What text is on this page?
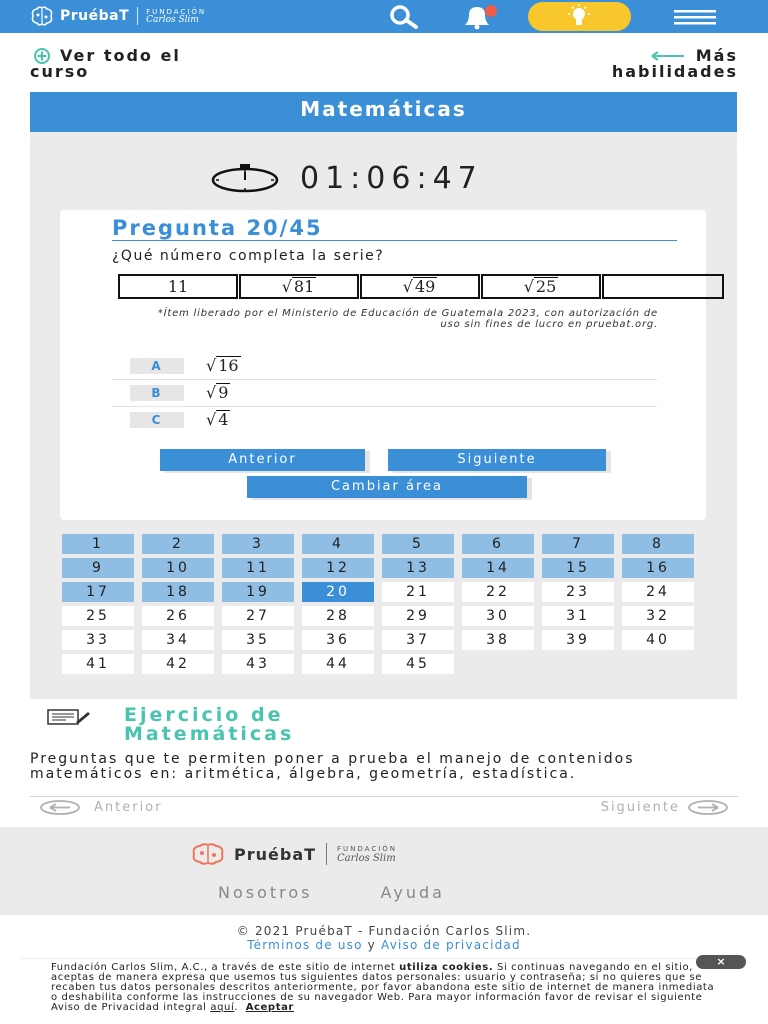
PruébaT FUNDACIÓN
Carlos Slim
Ver todo el
curso
Más
habilidades
Matemáticas
01:06:47
Pregunta 20/45
¿Qué número completa la serie?
11	√ 81	√ 49	√ 25
*Ítem liberado por el Ministerio de Educación de Guatemala 2023, con autorización de uso sin fines de lucro en pruebat.org.
A	√ 16
B	√ 9
C	√ 4
Anterior	Siguiente
Cambiar área
1	2	3	4	5	6	7	8
9	10	11	12	13	14	15	16
17	18	19	20	21	22	23	24
25	26	27	28	29	30	31	32
33	34	35	36	37	38	39	40
41	42	43	44	45
Ejercicio de
Matemáticas
Preguntas que te permiten poner a prueba el manejo de contenidos matemáticos en: aritmética, álgebra, geometría, estadística.
Anterior	Siguiente
PruébaT	FUNDACIÓN
Carlos Slim
Nosotros	Ayuda
© 2021 PruébaT - Fundación Carlos Slim.
Términos de uso y Aviso de privacidad
Fundación Carlos Slim, A.C., a través de este sitio de internet utiliza cookies. Si continuas navegando en el sitio, aceptas de manera expresa que usemos tus siguientes datos personales: usuario y contraseña; si no quieres que se recaben tus datos personales descritos anteriormente, por favor abandona este sitio de internet de manera inmediata o deshabilita conforme las instrucciones de su navegador Web. Para mayor información favor de revisar el siguiente Aviso de Privacidad integral aquí. Aceptar
×
